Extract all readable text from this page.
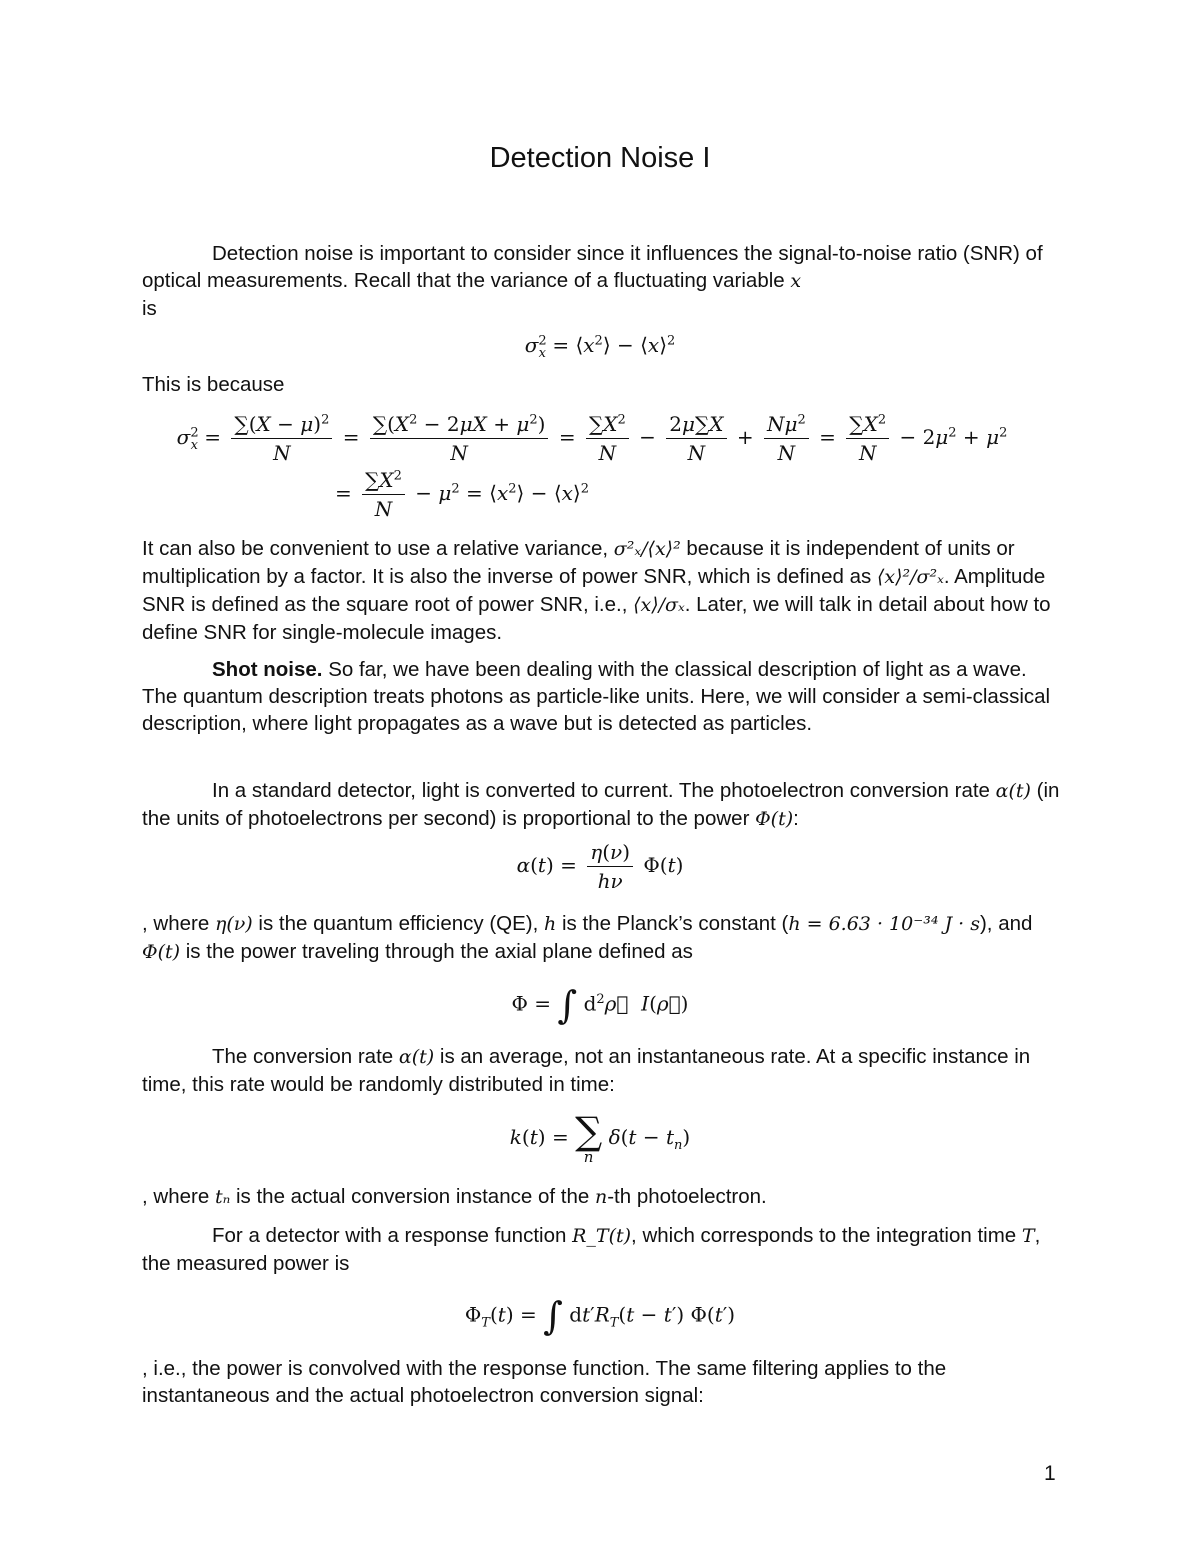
Detection Noise I

Detection noise is important to consider since it influences the signal-to-noise ratio (SNR) of optical measurements. Recall that the variance of a fluctuating variable x
is

$\sigma^2_x$ = $⟨x^2⟩$ − ⟨x⟩$^2$

This is because

$\sigma^2_x = \frac{\sum(X - \mu)^2}{N} = \frac{\sum(X^2 - 2\mu X + \mu^2)}{N} = \frac{\sum X^2}{N} - \frac{2\mu\sum X}{N} + \frac{N\mu^2}{N} = \frac{\sum X^2}{N} - 2\mu^2 + \mu^2$
= $\frac{\sum X^2}{N} - \mu^2$ = $⟨x^2⟩$ − ⟨x⟩$^2$

It can also be convenient to use a relative variance, σ²ₓ/⟨x⟩² because it is independent of units or multiplication by a factor. It is also the inverse of power SNR, which is defined as ⟨x⟩²/σ²ₓ. Amplitude SNR is defined as the square root of power SNR, i.e., ⟨x⟩/σₓ. Later, we will talk in detail about how to define SNR for single-molecule images.

Shot noise. So far, we have been dealing with the classical description of light as a wave. The quantum description treats photons as particle-like units. Here, we will consider a semi-classical description, where light propagates as a wave but is detected as particles.

In a standard detector, light is converted to current. The photoelectron conversion rate α(t) (in the units of photoelectrons per second) is proportional to the power Φ(t):

$\alpha(t) = \frac{\eta(\nu)}{h\nu} \Phi(t)$

, where η(ν) is the quantum efficiency (QE), h is the Planck’s constant (h = 6.63 · 10⁻³⁴ J · s), and Φ(t) is the power traveling through the axial plane defined as

Φ = ∫ $d^2\rho⃗$ I(ρ⃗)

The conversion rate α(t) is an average, not an instantaneous rate. At a specific instance in time, this rate would be randomly distributed in time:

k(t) = ∑
n
$\delta(t - t_n)$

, where tₙ is the actual conversion instance of the n-th photoelectron.

For a detector with a response function R_T(t), which corresponds to the integration time T, the measured power is

$\Phi_T(t)$ = ∫ $dt'R_T(t - t')$ Φ(t′)

, i.e., the power is convolved with the response function. The same filtering applies to the instantaneous and the actual photoelectron conversion signal:

1
